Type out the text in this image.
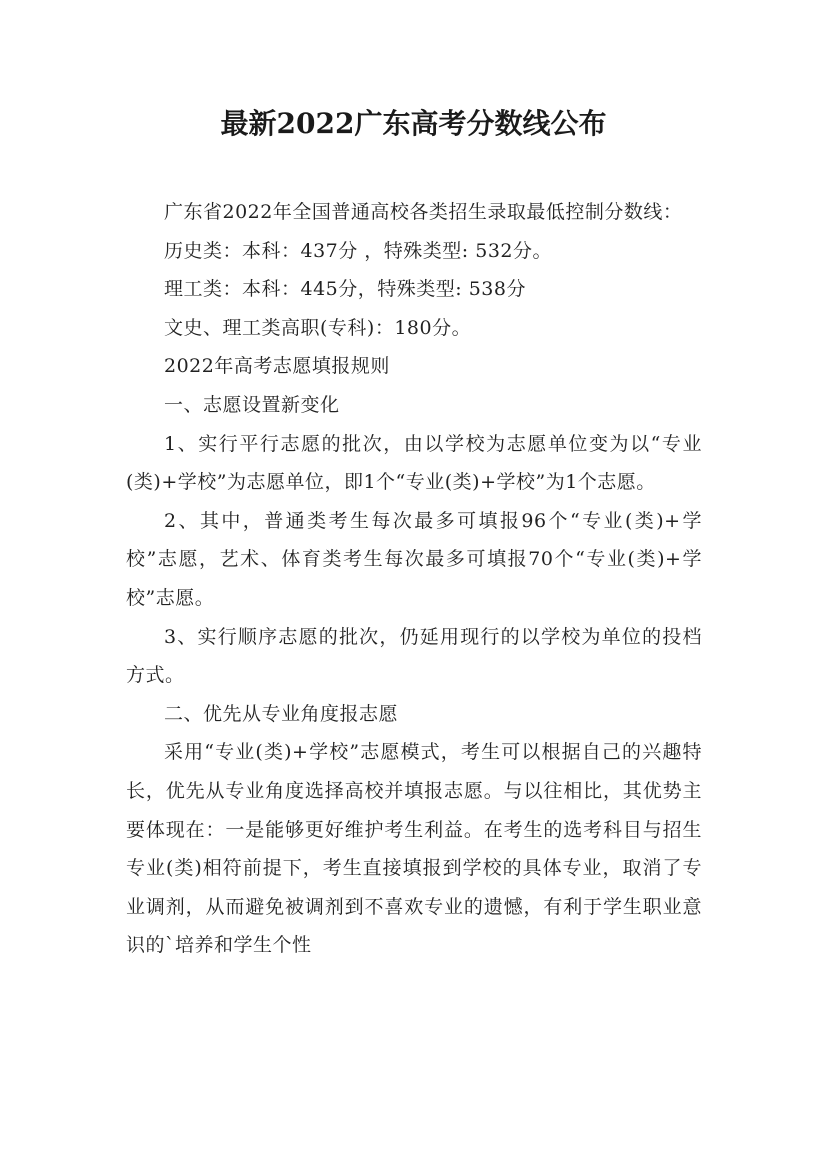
最新2022广东高考分数线公布

广东省2022年全国普通高校各类招生录取最低控制分数线：

历史类：本科：437分 ，特殊类型: 532分。

理工类：本科：445分，特殊类型: 538分

文史、理工类高职(专科)：180分。

2022年高考志愿填报规则

一、志愿设置新变化

1、实行平行志愿的批次，由以学校为志愿单位变为以“专业(类)+学校”为志愿单位，即1个“专业(类)+学校”为1个志愿。

2、其中，普通类考生每次最多可填报96个“专业(类)+学校”志愿，艺术、体育类考生每次最多可填报70个“专业(类)+学校”志愿。

3、实行顺序志愿的批次，仍延用现行的以学校为单位的投档方式。

二、优先从专业角度报志愿

采用“专业(类)+学校”志愿模式，考生可以根据自己的兴趣特长，优先从专业角度选择高校并填报志愿。与以往相比，其优势主要体现在：一是能够更好维护考生利益。在考生的选考科目与招生专业(类)相符前提下，考生直接填报到学校的具体专业，取消了专业调剂，从而避免被调剂到不喜欢专业的遗憾，有利于学生职业意识的`培养和学生个性
